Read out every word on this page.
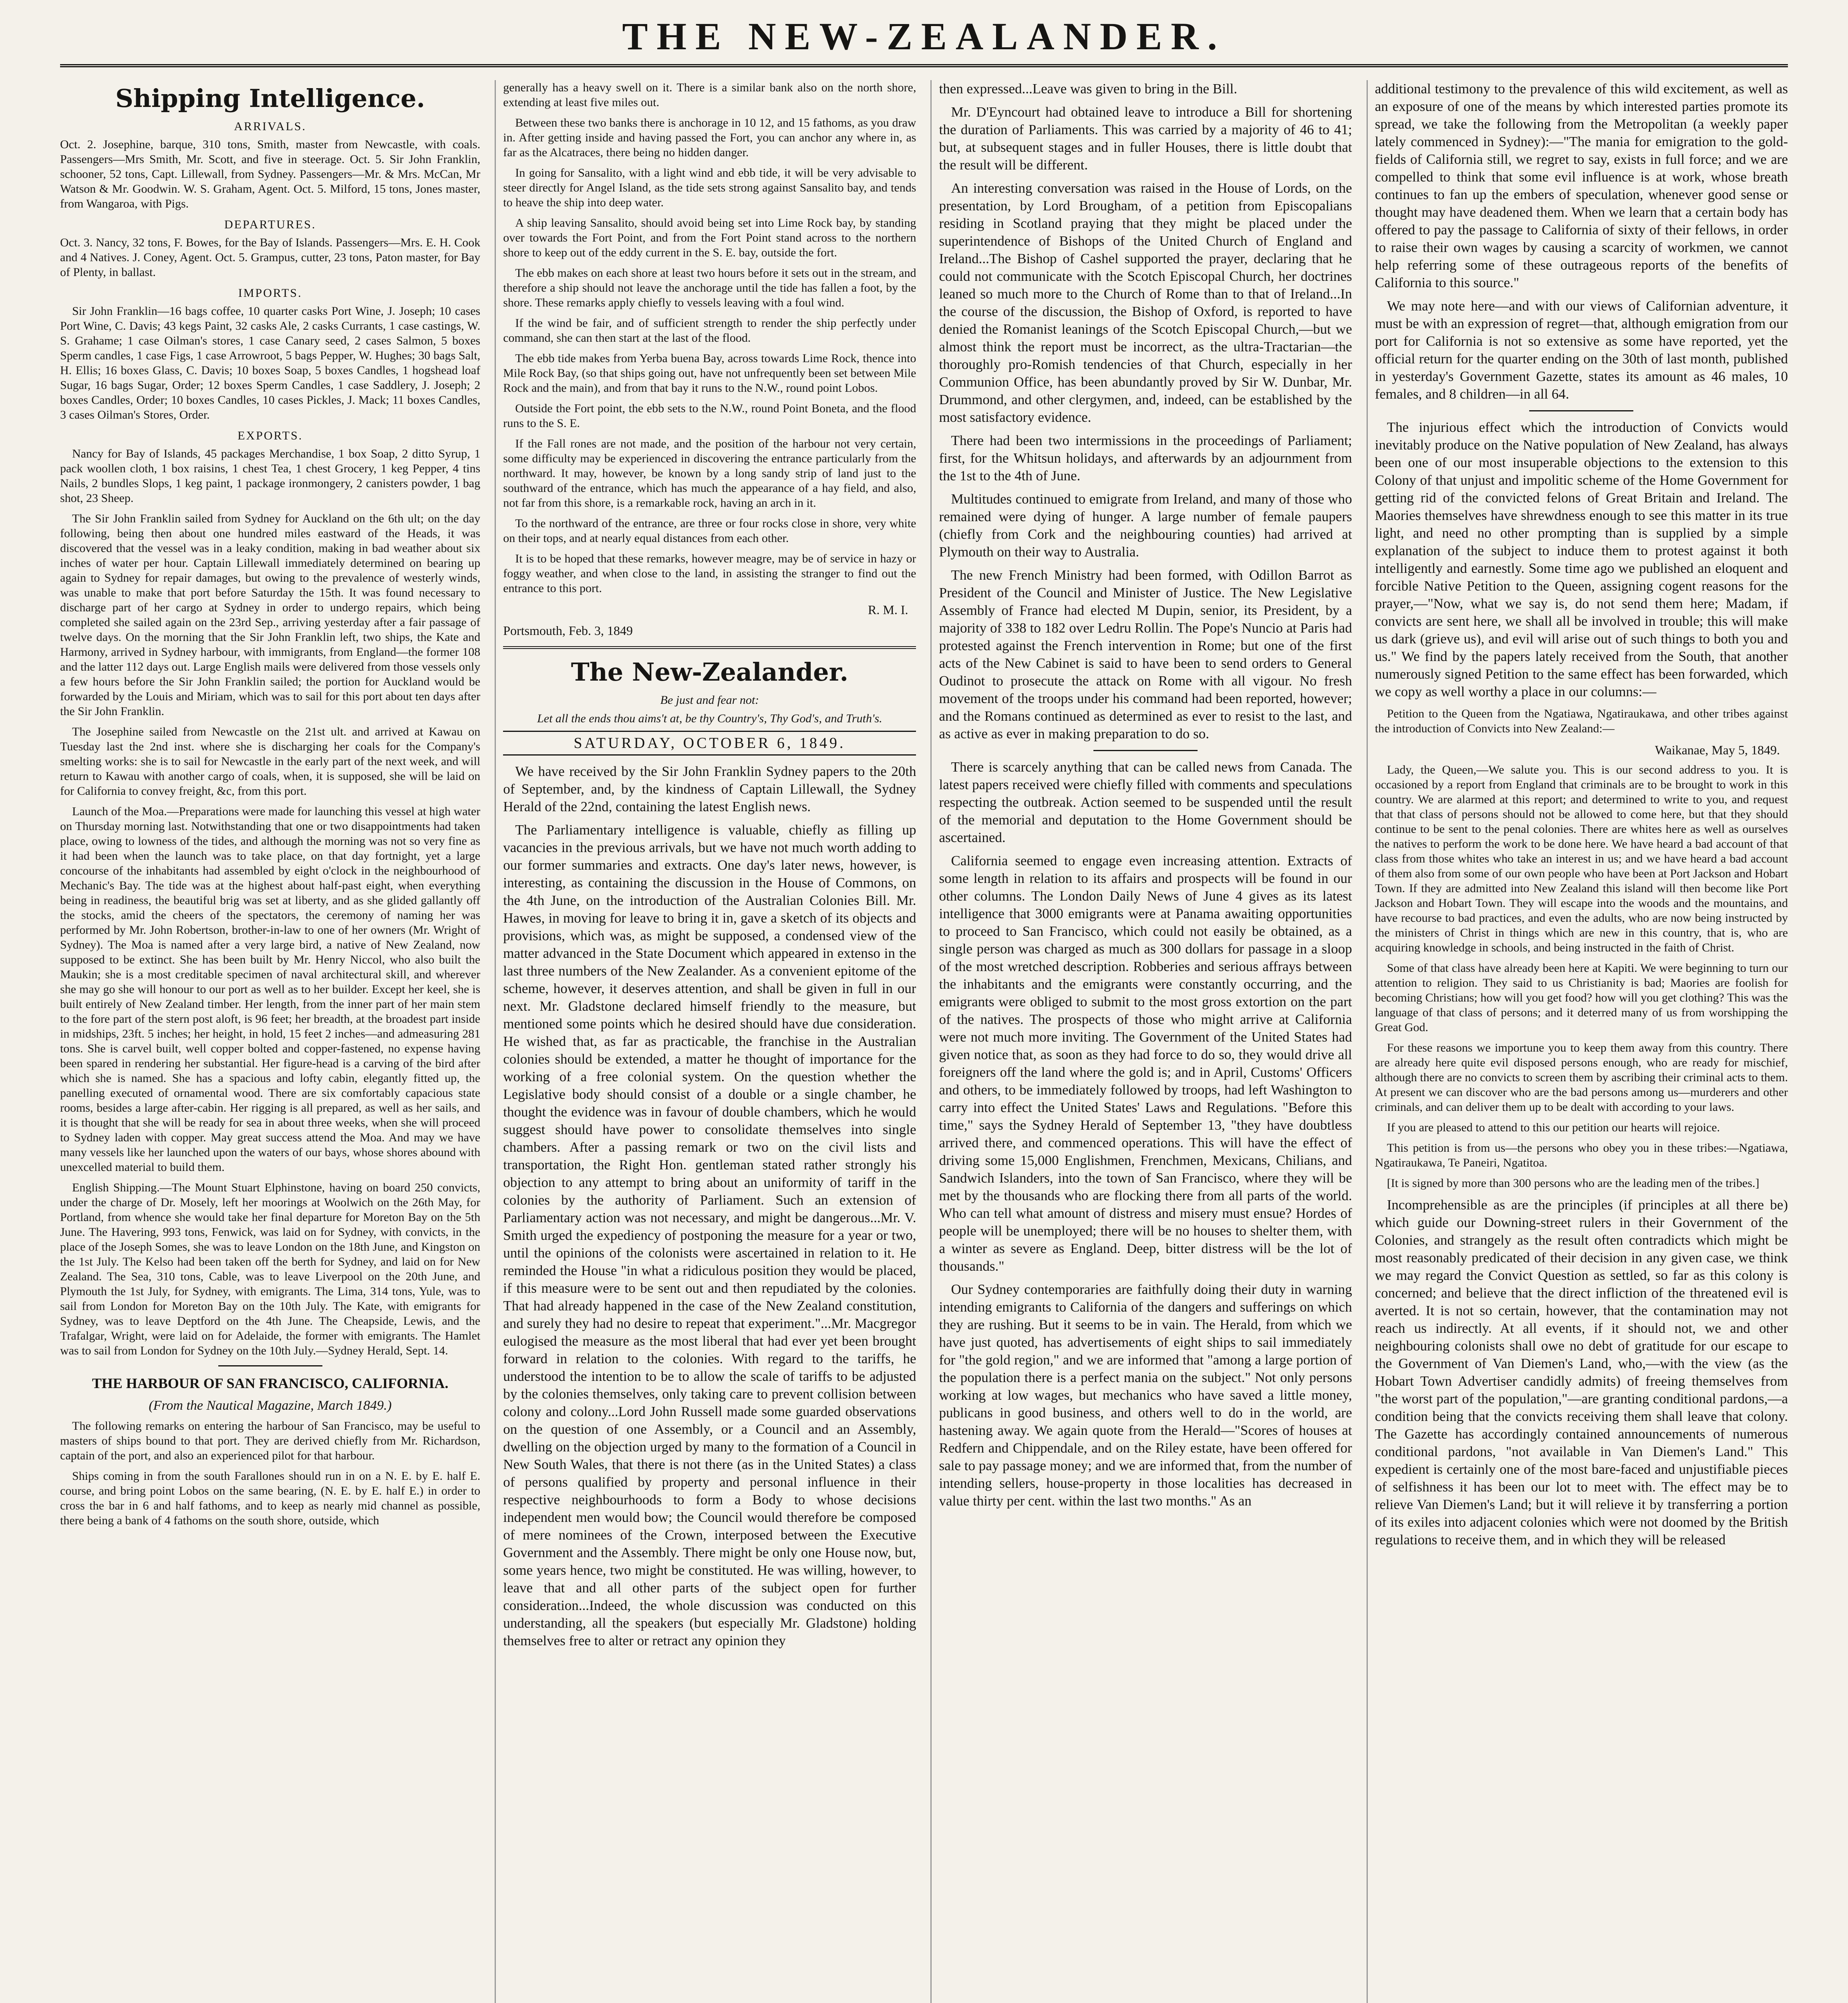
THE NEW-ZEALANDER.
Shipping Intelligence.
ARRIVALS.

Oct. 2. Josephine, barque, 310 tons, Smith, master from Newcastle, with coals. Passengers—Mrs Smith, Mr. Scott, and five in steerage. Oct. 5. Sir John Franklin, schooner, 52 tons, Capt. Lillewall, from Sydney. Passengers—Mr. & Mrs. McCan, Mr Watson & Mr. Goodwin. W. S. Graham, Agent. Oct. 5. Milford, 15 tons, Jones master, from Wangaroa, with Pigs.

DEPARTURES.

Oct. 3. Nancy, 32 tons, F. Bowes, for the Bay of Islands. Passengers—Mrs. E. H. Cook and 4 Natives. J. Coney, Agent. Oct. 5. Grampus, cutter, 23 tons, Paton master, for Bay of Plenty, in ballast.

IMPORTS.

Sir John Franklin—16 bags coffee, 10 quarter casks Port Wine, J. Joseph; 10 cases Port Wine, C. Davis; 43 kegs Paint, 32 casks Ale, 2 casks Currants, 1 case castings, W. S. Grahame; 1 case Oilman's stores, 1 case Canary seed, 2 cases Salmon, 5 boxes Sperm candles, 1 case Figs, 1 case Arrowroot, 5 bags Pepper, W. Hughes; 30 bags Salt, H. Ellis; 16 boxes Glass, C. Davis; 10 boxes Soap, 5 boxes Candles, 1 hogshead loaf Sugar, 16 bags Sugar, Order; 12 boxes Sperm Candles, 1 case Saddlery, J. Joseph; 2 boxes Candles, Order; 10 boxes Candles, 10 cases Pickles, J. Mack; 11 boxes Candles, 3 cases Oilman's Stores, Order.

EXPORTS.

Nancy for Bay of Islands, 45 packages Merchandise, 1 box Soap, 2 ditto Syrup, 1 pack woollen cloth, 1 box raisins, 1 chest Tea, 1 chest Grocery, 1 keg Pepper, 4 tins Nails, 2 bundles Slops, 1 keg paint, 1 package ironmongery, 2 canisters powder, 1 bag shot, 23 Sheep.

The Sir John Franklin sailed from Sydney for Auckland on the 6th ult; on the day following, being then about one hundred miles eastward of the Heads, it was discovered that the vessel was in a leaky condition, making in bad weather about six inches of water per hour. Captain Lillewall immediately determined on bearing up again to Sydney for repair damages, but owing to the prevalence of westerly winds, was unable to make that port before Saturday the 15th. It was found necessary to discharge part of her cargo at Sydney in order to undergo repairs, which being completed she sailed again on the 23rd Sep., arriving yesterday after a fair passage of twelve days. On the morning that the Sir John Franklin left, two ships, the Kate and Harmony, arrived in Sydney harbour, with immigrants, from England—the former 108 and the latter 112 days out. Large English mails were delivered from those vessels only a few hours before the Sir John Franklin sailed; the portion for Auckland would be forwarded by the Louis and Miriam, which was to sail for this port about ten days after the Sir John Franklin.

The Josephine sailed from Newcastle on the 21st ult. and arrived at Kawau on Tuesday last the 2nd inst. where she is discharging her coals for the Company's smelting works: she is to sail for Newcastle in the early part of the next week, and will return to Kawau with another cargo of coals, when, it is supposed, she will be laid on for California to convey freight, &c, from this port.

Launch of the Moa.—Preparations were made for launching this vessel at high water on Thursday morning last. Notwithstanding that one or two disappointments had taken place, owing to lowness of the tides, and although the morning was not so very fine as it had been when the launch was to take place, on that day fortnight, yet a large concourse of the inhabitants had assembled by eight o'clock in the neighbourhood of Mechanic's Bay. The tide was at the highest about half-past eight, when everything being in readiness, the beautiful brig was set at liberty, and as she glided gallantly off the stocks, amid the cheers of the spectators, the ceremony of naming her was performed by Mr. John Robertson, brother-in-law to one of her owners (Mr. Wright of Sydney). The Moa is named after a very large bird, a native of New Zealand, now supposed to be extinct. She has been built by Mr. Henry Niccol, who also built the Maukin; she is a most creditable specimen of naval architectural skill, and wherever she may go she will honour to our port as well as to her builder. Except her keel, she is built entirely of New Zealand timber. Her length, from the inner part of her main stem to the fore part of the stern post aloft, is 96 feet; her breadth, at the broadest part inside in midships, 23ft. 5 inches; her height, in hold, 15 feet 2 inches—and admeasuring 281 tons. She is carvel built, well copper bolted and copper-fastened, no expense having been spared in rendering her substantial. Her figure-head is a carving of the bird after which she is named. She has a spacious and lofty cabin, elegantly fitted up, the panelling executed of ornamental wood. There are six comfortably capacious state rooms, besides a large after-cabin. Her rigging is all prepared, as well as her sails, and it is thought that she will be ready for sea in about three weeks, when she will proceed to Sydney laden with copper. May great success attend the Moa. And may we have many vessels like her launched upon the waters of our bays, whose shores abound with unexcelled material to build them.

English Shipping.—The Mount Stuart Elphinstone, having on board 250 convicts, under the charge of Dr. Mosely, left her moorings at Woolwich on the 26th May, for Portland, from whence she would take her final departure for Moreton Bay on the 5th June. The Havering, 993 tons, Fenwick, was laid on for Sydney, with convicts, in the place of the Joseph Somes, she was to leave London on the 18th June, and Kingston on the 1st July. The Kelso had been taken off the berth for Sydney, and laid on for New Zealand. The Sea, 310 tons, Cable, was to leave Liverpool on the 20th June, and Plymouth the 1st July, for Sydney, with emigrants. The Lima, 314 tons, Yule, was to sail from London for Moreton Bay on the 10th July. The Kate, with emigrants for Sydney, was to leave Deptford on the 4th June. The Cheapside, Lewis, and the Trafalgar, Wright, were laid on for Adelaide, the former with emigrants. The Hamlet was to sail from London for Sydney on the 10th July.—Sydney Herald, Sept. 14.

THE HARBOUR OF SAN FRANCISCO, CALIFORNIA.
(From the Nautical Magazine, March 1849.)

The following remarks on entering the harbour of San Francisco, may be useful to masters of ships bound to that port. They are derived chiefly from Mr. Richardson, captain of the port, and also an experienced pilot for that harbour.

Ships coming in from the south Farallones should run in on a N. E. by E. half E. course, and bring point Lobos on the same bearing, (N. E. by E. half E.) in order to cross the bar in 6 and half fathoms, and to keep as nearly mid channel as possible, there being a bank of 4 fathoms on the south shore, outside, which

generally has a heavy swell on it. There is a similar bank also on the north shore, extending at least five miles out.

Between these two banks there is anchorage in 10 12, and 15 fathoms, as you draw in. After getting inside and having passed the Fort, you can anchor any where in, as far as the Alcatraces, there being no hidden danger.

In going for Sansalito, with a light wind and ebb tide, it will be very advisable to steer directly for Angel Island, as the tide sets strong against Sansalito bay, and tends to heave the ship into deep water.

A ship leaving Sansalito, should avoid being set into Lime Rock bay, by standing over towards the Fort Point, and from the Fort Point stand across to the northern shore to keep out of the eddy current in the S. E. bay, outside the fort.

The ebb makes on each shore at least two hours before it sets out in the stream, and therefore a ship should not leave the anchorage until the tide has fallen a foot, by the shore. These remarks apply chiefly to vessels leaving with a foul wind.

If the wind be fair, and of sufficient strength to render the ship perfectly under command, she can then start at the last of the flood.

The ebb tide makes from Yerba buena Bay, across towards Lime Rock, thence into Mile Rock Bay, (so that ships going out, have not unfrequently been set between Mile Rock and the main), and from that bay it runs to the N.W., round point Lobos.

Outside the Fort point, the ebb sets to the N.W., round Point Boneta, and the flood runs to the S. E.

If the Fall rones are not made, and the position of the harbour not very certain, some difficulty may be experienced in discovering the entrance particularly from the northward. It may, however, be known by a long sandy strip of land just to the southward of the entrance, which has much the appearance of a hay field, and also, not far from this shore, is a remarkable rock, having an arch in it.

To the northward of the entrance, are three or four rocks close in shore, very white on their tops, and at nearly equal distances from each other.

It is to be hoped that these remarks, however meagre, may be of service in hazy or foggy weather, and when close to the land, in assisting the stranger to find out the entrance to this port.

R. M. I.
Portsmouth, Feb. 3, 1849
The New-Zealander.
Be just and fear not:
Let all the ends thou aims't at, be thy Country's, Thy God's, and Truth's.
SATURDAY, OCTOBER 6, 1849.

We have received by the Sir John Franklin Sydney papers to the 20th of September, and, by the kindness of Captain Lillewall, the Sydney Herald of the 22nd, containing the latest English news.

The Parliamentary intelligence is valuable, chiefly as filling up vacancies in the previous arrivals, but we have not much worth adding to our former summaries and extracts. One day's later news, however, is interesting, as containing the discussion in the House of Commons, on the 4th June, on the introduction of the Australian Colonies Bill. Mr. Hawes, in moving for leave to bring it in, gave a sketch of its objects and provisions, which was, as might be supposed, a condensed view of the matter advanced in the State Document which appeared in extenso in the last three numbers of the New Zealander. As a convenient epitome of the scheme, however, it deserves attention, and shall be given in full in our next. Mr. Gladstone declared himself friendly to the measure, but mentioned some points which he desired should have due consideration. He wished that, as far as practicable, the franchise in the Australian colonies should be extended, a matter he thought of importance for the working of a free colonial system. On the question whether the Legislative body should consist of a double or a single chamber, he thought the evidence was in favour of double chambers, which he would suggest should have power to consolidate themselves into single chambers. After a passing remark or two on the civil lists and transportation, the Right Hon. gentleman stated rather strongly his objection to any attempt to bring about an uniformity of tariff in the colonies by the authority of Parliament. Such an extension of Parliamentary action was not necessary, and might be dangerous...Mr. V. Smith urged the expediency of postponing the measure for a year or two, until the opinions of the colonists were ascertained in relation to it. He reminded the House "in what a ridiculous position they would be placed, if this measure were to be sent out and then repudiated by the colonies. That had already happened in the case of the New Zealand constitution, and surely they had no desire to repeat that experiment."...Mr. Macgregor eulogised the measure as the most liberal that had ever yet been brought forward in relation to the colonies. With regard to the tariffs, he understood the intention to be to allow the scale of tariffs to be adjusted by the colonies themselves, only taking care to prevent collision between colony and colony...Lord John Russell made some guarded observations on the question of one Assembly, or a Council and an Assembly, dwelling on the objection urged by many to the formation of a Council in New South Wales, that there is not there (as in the United States) a class of persons qualified by property and personal influence in their respective neighbourhoods to form a Body to whose decisions independent men would bow; the Council would therefore be composed of mere nominees of the Crown, interposed between the Executive Government and the Assembly. There might be only one House now, but, some years hence, two might be constituted. He was willing, however, to leave that and all other parts of the subject open for further consideration...Indeed, the whole discussion was conducted on this understanding, all the speakers (but especially Mr. Gladstone) holding themselves free to alter or retract any opinion they

then expressed...Leave was given to bring in the Bill.

Mr. D'Eyncourt had obtained leave to introduce a Bill for shortening the duration of Parliaments. This was carried by a majority of 46 to 41; but, at subsequent stages and in fuller Houses, there is little doubt that the result will be different.

An interesting conversation was raised in the House of Lords, on the presentation, by Lord Brougham, of a petition from Episcopalians residing in Scotland praying that they might be placed under the superintendence of Bishops of the United Church of England and Ireland...The Bishop of Cashel supported the prayer, declaring that he could not communicate with the Scotch Episcopal Church, her doctrines leaned so much more to the Church of Rome than to that of Ireland...In the course of the discussion, the Bishop of Oxford, is reported to have denied the Romanist leanings of the Scotch Episcopal Church,—but we almost think the report must be incorrect, as the ultra-Tractarian—the thoroughly pro-Romish tendencies of that Church, especially in her Communion Office, has been abundantly proved by Sir W. Dunbar, Mr. Drummond, and other clergymen, and, indeed, can be established by the most satisfactory evidence.

There had been two intermissions in the proceedings of Parliament; first, for the Whitsun holidays, and afterwards by an adjournment from the 1st to the 4th of June.

Multitudes continued to emigrate from Ireland, and many of those who remained were dying of hunger. A large number of female paupers (chiefly from Cork and the neighbouring counties) had arrived at Plymouth on their way to Australia.

The new French Ministry had been formed, with Odillon Barrot as President of the Council and Minister of Justice. The New Legislative Assembly of France had elected M Dupin, senior, its President, by a majority of 338 to 182 over Ledru Rollin. The Pope's Nuncio at Paris had protested against the French intervention in Rome; but one of the first acts of the New Cabinet is said to have been to send orders to General Oudinot to prosecute the attack on Rome with all vigour. No fresh movement of the troops under his command had been reported, however; and the Romans continued as determined as ever to resist to the last, and as active as ever in making preparation to do so.

There is scarcely anything that can be called news from Canada. The latest papers received were chiefly filled with comments and speculations respecting the outbreak. Action seemed to be suspended until the result of the memorial and deputation to the Home Government should be ascertained.

California seemed to engage even increasing attention. Extracts of some length in relation to its affairs and prospects will be found in our other columns. The London Daily News of June 4 gives as its latest intelligence that 3000 emigrants were at Panama awaiting opportunities to proceed to San Francisco, which could not easily be obtained, as a single person was charged as much as 300 dollars for passage in a sloop of the most wretched description. Robberies and serious affrays between the inhabitants and the emigrants were constantly occurring, and the emigrants were obliged to submit to the most gross extortion on the part of the natives. The prospects of those who might arrive at California were not much more inviting. The Government of the United States had given notice that, as soon as they had force to do so, they would drive all foreigners off the land where the gold is; and in April, Customs' Officers and others, to be immediately followed by troops, had left Washington to carry into effect the United States' Laws and Regulations. "Before this time," says the Sydney Herald of September 13, "they have doubtless arrived there, and commenced operations. This will have the effect of driving some 15,000 Englishmen, Frenchmen, Mexicans, Chilians, and Sandwich Islanders, into the town of San Francisco, where they will be met by the thousands who are flocking there from all parts of the world. Who can tell what amount of distress and misery must ensue? Hordes of people will be unemployed; there will be no houses to shelter them, with a winter as severe as England. Deep, bitter distress will be the lot of thousands."

Our Sydney contemporaries are faithfully doing their duty in warning intending emigrants to California of the dangers and sufferings on which they are rushing. But it seems to be in vain. The Herald, from which we have just quoted, has advertisements of eight ships to sail immediately for "the gold region," and we are informed that "among a large portion of the population there is a perfect mania on the subject." Not only persons working at low wages, but mechanics who have saved a little money, publicans in good business, and others well to do in the world, are hastening away. We again quote from the Herald—"Scores of houses at Redfern and Chippendale, and on the Riley estate, have been offered for sale to pay passage money; and we are informed that, from the number of intending sellers, house-property in those localities has decreased in value thirty per cent. within the last two months." As an

additional testimony to the prevalence of this wild excitement, as well as an exposure of one of the means by which interested parties promote its spread, we take the following from the Metropolitan (a weekly paper lately commenced in Sydney):—"The mania for emigration to the gold-fields of California still, we regret to say, exists in full force; and we are compelled to think that some evil influence is at work, whose breath continues to fan up the embers of speculation, whenever good sense or thought may have deadened them. When we learn that a certain body has offered to pay the passage to California of sixty of their fellows, in order to raise their own wages by causing a scarcity of workmen, we cannot help referring some of these outrageous reports of the benefits of California to this source."

We may note here—and with our views of Californian adventure, it must be with an expression of regret—that, although emigration from our port for California is not so extensive as some have reported, yet the official return for the quarter ending on the 30th of last month, published in yesterday's Government Gazette, states its amount as 46 males, 10 females, and 8 children—in all 64.

The injurious effect which the introduction of Convicts would inevitably produce on the Native population of New Zealand, has always been one of our most insuperable objections to the extension to this Colony of that unjust and impolitic scheme of the Home Government for getting rid of the convicted felons of Great Britain and Ireland. The Maories themselves have shrewdness enough to see this matter in its true light, and need no other prompting than is supplied by a simple explanation of the subject to induce them to protest against it both intelligently and earnestly. Some time ago we published an eloquent and forcible Native Petition to the Queen, assigning cogent reasons for the prayer,—"Now, what we say is, do not send them here; Madam, if convicts are sent here, we shall all be involved in trouble; this will make us dark (grieve us), and evil will arise out of such things to both you and us." We find by the papers lately received from the South, that another numerously signed Petition to the same effect has been forwarded, which we copy as well worthy a place in our columns:—

Petition to the Queen from the Ngatiawa, Ngatiraukawa, and other tribes against the introduction of Convicts into New Zealand:—

Waikanae, May 5, 1849.

Lady, the Queen,—We salute you. This is our second address to you. It is occasioned by a report from England that criminals are to be brought to work in this country. We are alarmed at this report; and determined to write to you, and request that that class of persons should not be allowed to come here, but that they should continue to be sent to the penal colonies. There are whites here as well as ourselves the natives to perform the work to be done here. We have heard a bad account of that class from those whites who take an interest in us; and we have heard a bad account of them also from some of our own people who have been at Port Jackson and Hobart Town. If they are admitted into New Zealand this island will then become like Port Jackson and Hobart Town. They will escape into the woods and the mountains, and have recourse to bad practices, and even the adults, who are now being instructed by the ministers of Christ in things which are new in this country, that is, who are acquiring knowledge in schools, and being instructed in the faith of Christ.

Some of that class have already been here at Kapiti. We were beginning to turn our attention to religion. They said to us Christianity is bad; Maories are foolish for becoming Christians; how will you get food? how will you get clothing? This was the language of that class of persons; and it deterred many of us from worshipping the Great God.

For these reasons we importune you to keep them away from this country. There are already here quite evil disposed persons enough, who are ready for mischief, although there are no convicts to screen them by ascribing their criminal acts to them. At present we can discover who are the bad persons among us—murderers and other criminals, and can deliver them up to be dealt with according to your laws.

If you are pleased to attend to this our petition our hearts will rejoice.

This petition is from us—the persons who obey you in these tribes:—Ngatiawa, Ngatiraukawa, Te Paneiri, Ngatitoa.

[It is signed by more than 300 persons who are the leading men of the tribes.]

Incomprehensible as are the principles (if principles at all there be) which guide our Downing-street rulers in their Government of the Colonies, and strangely as the result often contradicts which might be most reasonably predicated of their decision in any given case, we think we may regard the Convict Question as settled, so far as this colony is concerned; and believe that the direct infliction of the threatened evil is averted. It is not so certain, however, that the contamination may not reach us indirectly. At all events, if it should not, we and other neighbouring colonists shall owe no debt of gratitude for our escape to the Government of Van Diemen's Land, who,—with the view (as the Hobart Town Advertiser candidly admits) of freeing themselves from "the worst part of the population,"—are granting conditional pardons,—a condition being that the convicts receiving them shall leave that colony. The Gazette has accordingly contained announcements of numerous conditional pardons, "not available in Van Diemen's Land." This expedient is certainly one of the most bare-faced and unjustifiable pieces of selfishness it has been our lot to meet with. The effect may be to relieve Van Diemen's Land; but it will relieve it by transferring a portion of its exiles into adjacent colonies which were not doomed by the British regulations to receive them, and in which they will be released
